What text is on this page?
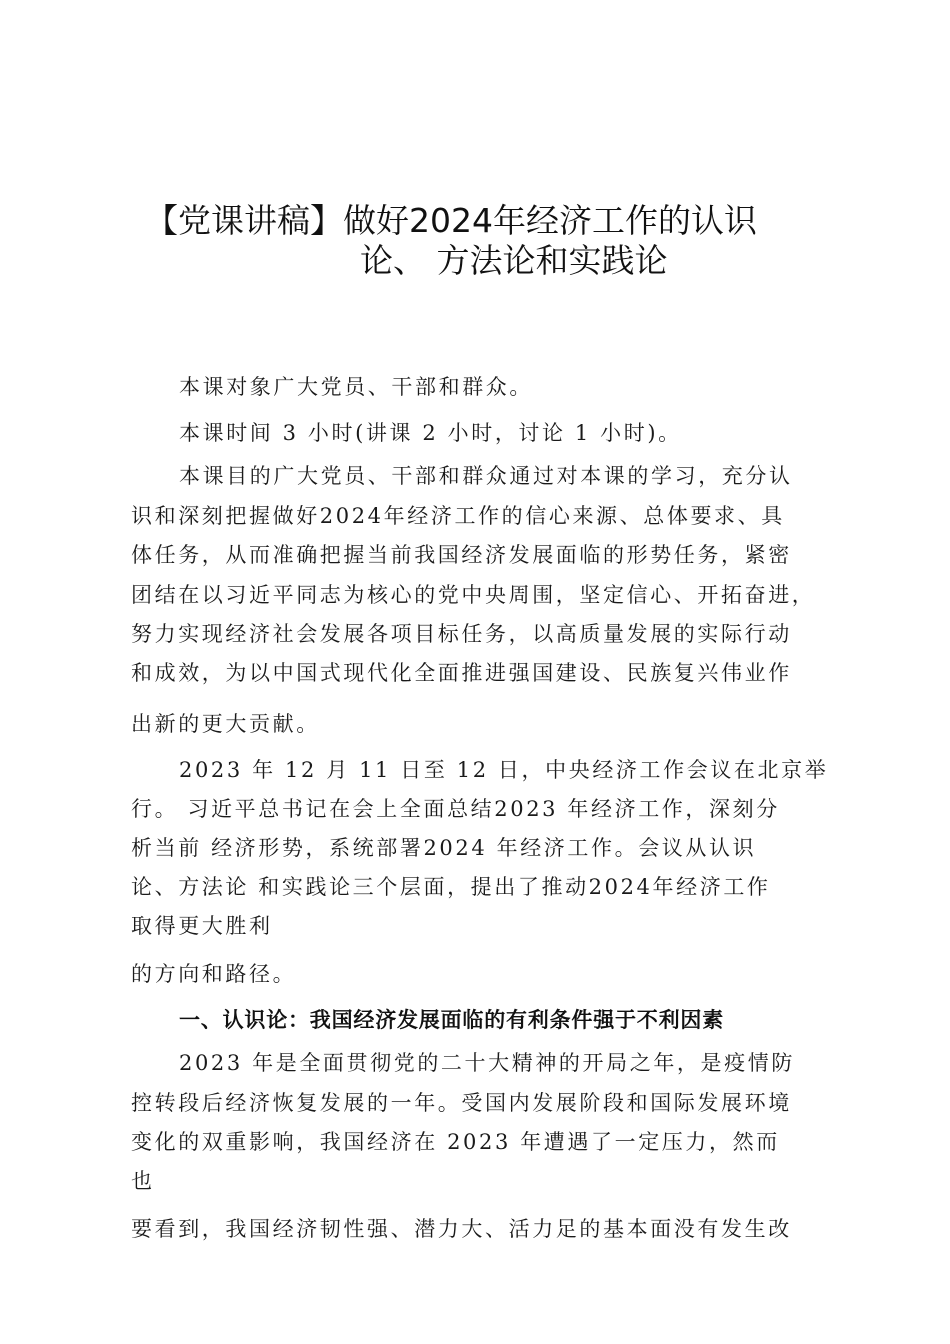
【党课讲稿】做好2024年经济工作的认识
论、 方法论和实践论
本课对象广大党员、干部和群众。
本课时间 3 小时(讲课 2 小时，讨论 1 小时)。
本课目的广大党员、干部和群众通过对本课的学习，充分认
识和深刻把握做好2024年经济工作的信心来源、总体要求、具
体任务，从而准确把握当前我国经济发展面临的形势任务，紧密
团结在以习近平同志为核心的党中央周围，坚定信心、开拓奋进，
努力实现经济社会发展各项目标任务，以高质量发展的实际行动
和成效，为以中国式现代化全面推进强国建设、民族复兴伟业作
出新的更大贡献。
2023 年 12 月 11 日至 12 日，中央经济工作会议在北京举
行。 习近平总书记在会上全面总结2023 年经济工作，深刻分
析当前 经济形势，系统部署2024 年经济工作。会议从认识
论、方法论 和实践论三个层面，提出了推动2024年经济工作
取得更大胜利
的方向和路径。
一、认识论：我国经济发展面临的有利条件强于不利因素
2023 年是全面贯彻党的二十大精神的开局之年，是疫情防
控转段后经济恢复发展的一年。受国内发展阶段和国际发展环境
变化的双重影响，我国经济在 2023 年遭遇了一定压力，然而
也
要看到，我国经济韧性强、潜力大、活力足的基本面没有发生改
